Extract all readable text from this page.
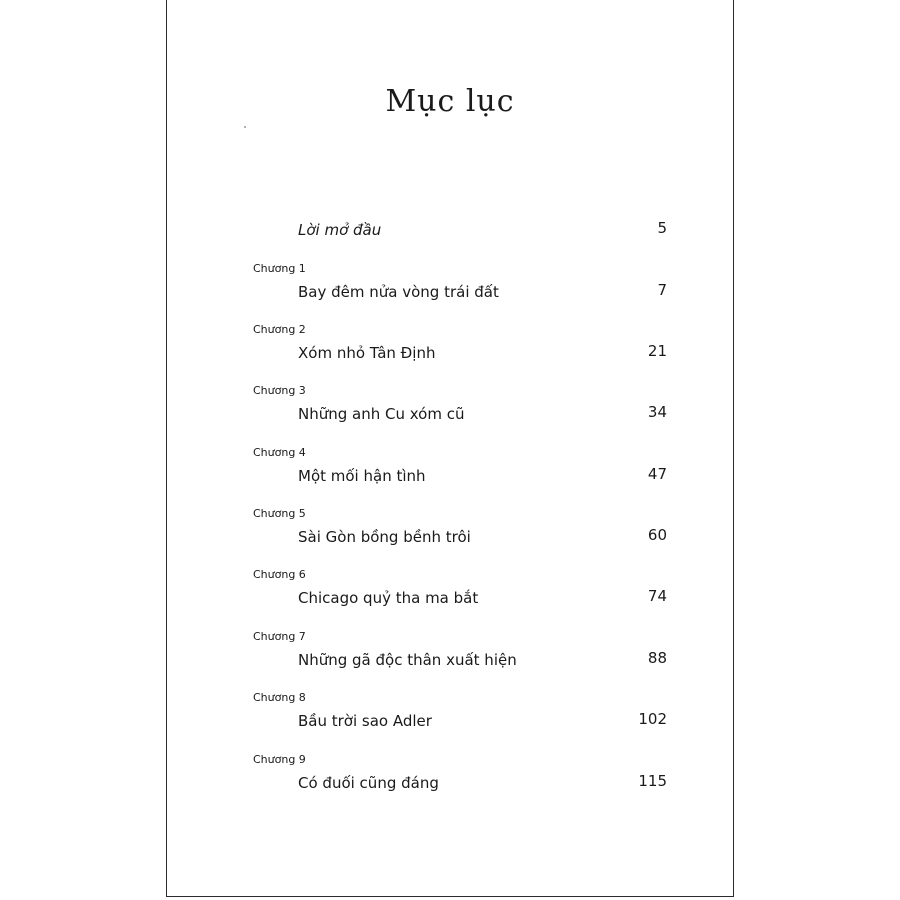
Mục lục
Lời mở đầu	5
Chương 1
Bay đêm nửa vòng trái đất	7
Chương 2
Xóm nhỏ Tân Định	21
Chương 3
Những anh Cu xóm cũ	34
Chương 4
Một mối hận tình	47
Chương 5
Sài Gòn bồng bềnh trôi	60
Chương 6
Chicago quỷ tha ma bắt	74
Chương 7
Những gã độc thân xuất hiện	88
Chương 8
Bầu trời sao Adler	102
Chương 9
Có đuối cũng đáng	115
